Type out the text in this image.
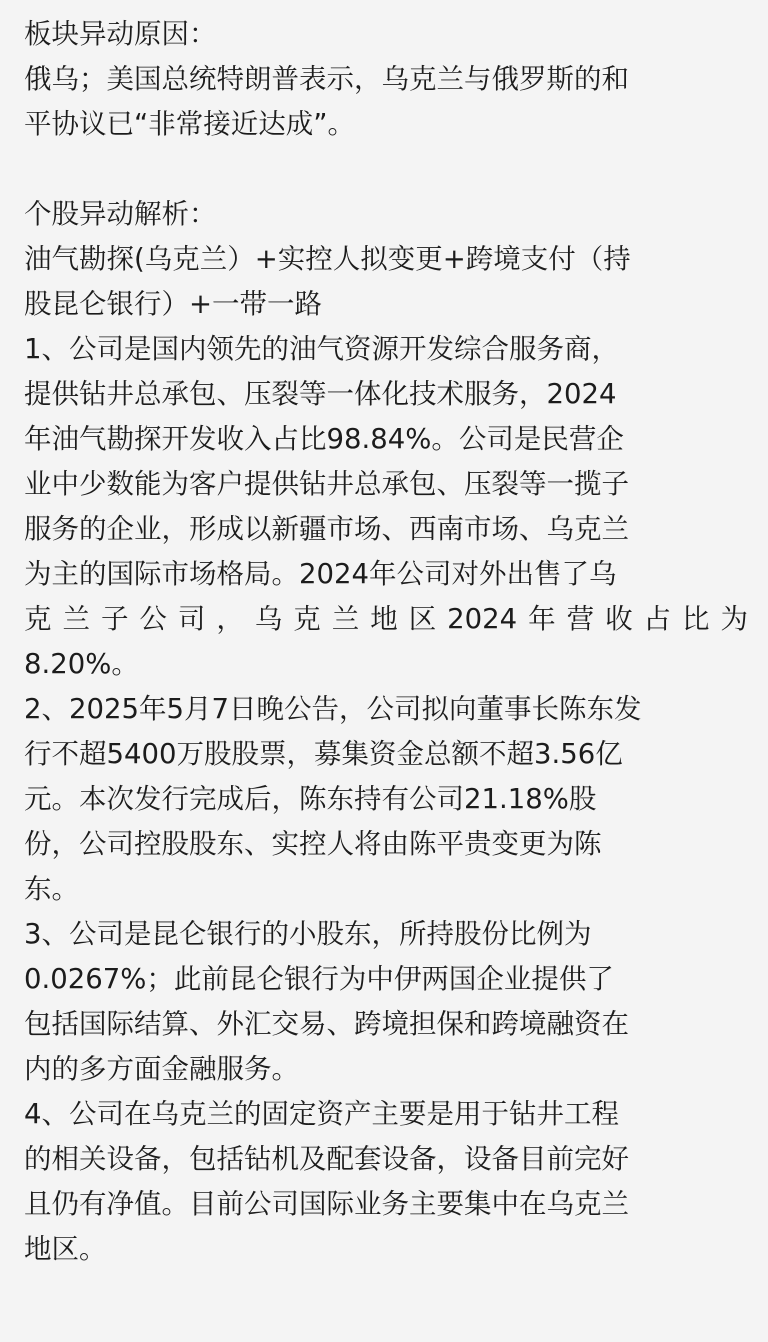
板块异动原因：
俄乌；美国总统特朗普表示，乌克兰与俄罗斯的和
平协议已“非常接近达成”。
个股异动解析：
油气勘探(乌克兰）+实控人拟变更+跨境支付（持
股昆仑银行）+一带一路
1、公司是国内领先的油气资源开发综合服务商，
提供钻井总承包、压裂等一体化技术服务，2024
年油气勘探开发收入占比98.84%。公司是民营企
业中少数能为客户提供钻井总承包、压裂等一揽子
服务的企业，形成以新疆市场、西南市场、乌克兰
为主的国际市场格局。2024年公司对外出售了乌
克兰子公司，乌克兰地区2024年营收占比为
8.20%。
2、2025年5月7日晚公告，公司拟向董事长陈东发
行不超5400万股股票，募集资金总额不超3.56亿
元。本次发行完成后，陈东持有公司21.18%股
份，公司控股股东、实控人将由陈平贵变更为陈
东。
3、公司是昆仑银行的小股东，所持股份比例为
0.0267%；此前昆仑银行为中伊两国企业提供了
包括国际结算、外汇交易、跨境担保和跨境融资在
内的多方面金融服务。
4、公司在乌克兰的固定资产主要是用于钻井工程
的相关设备，包括钻机及配套设备，设备目前完好
且仍有净值。目前公司国际业务主要集中在乌克兰
地区。
